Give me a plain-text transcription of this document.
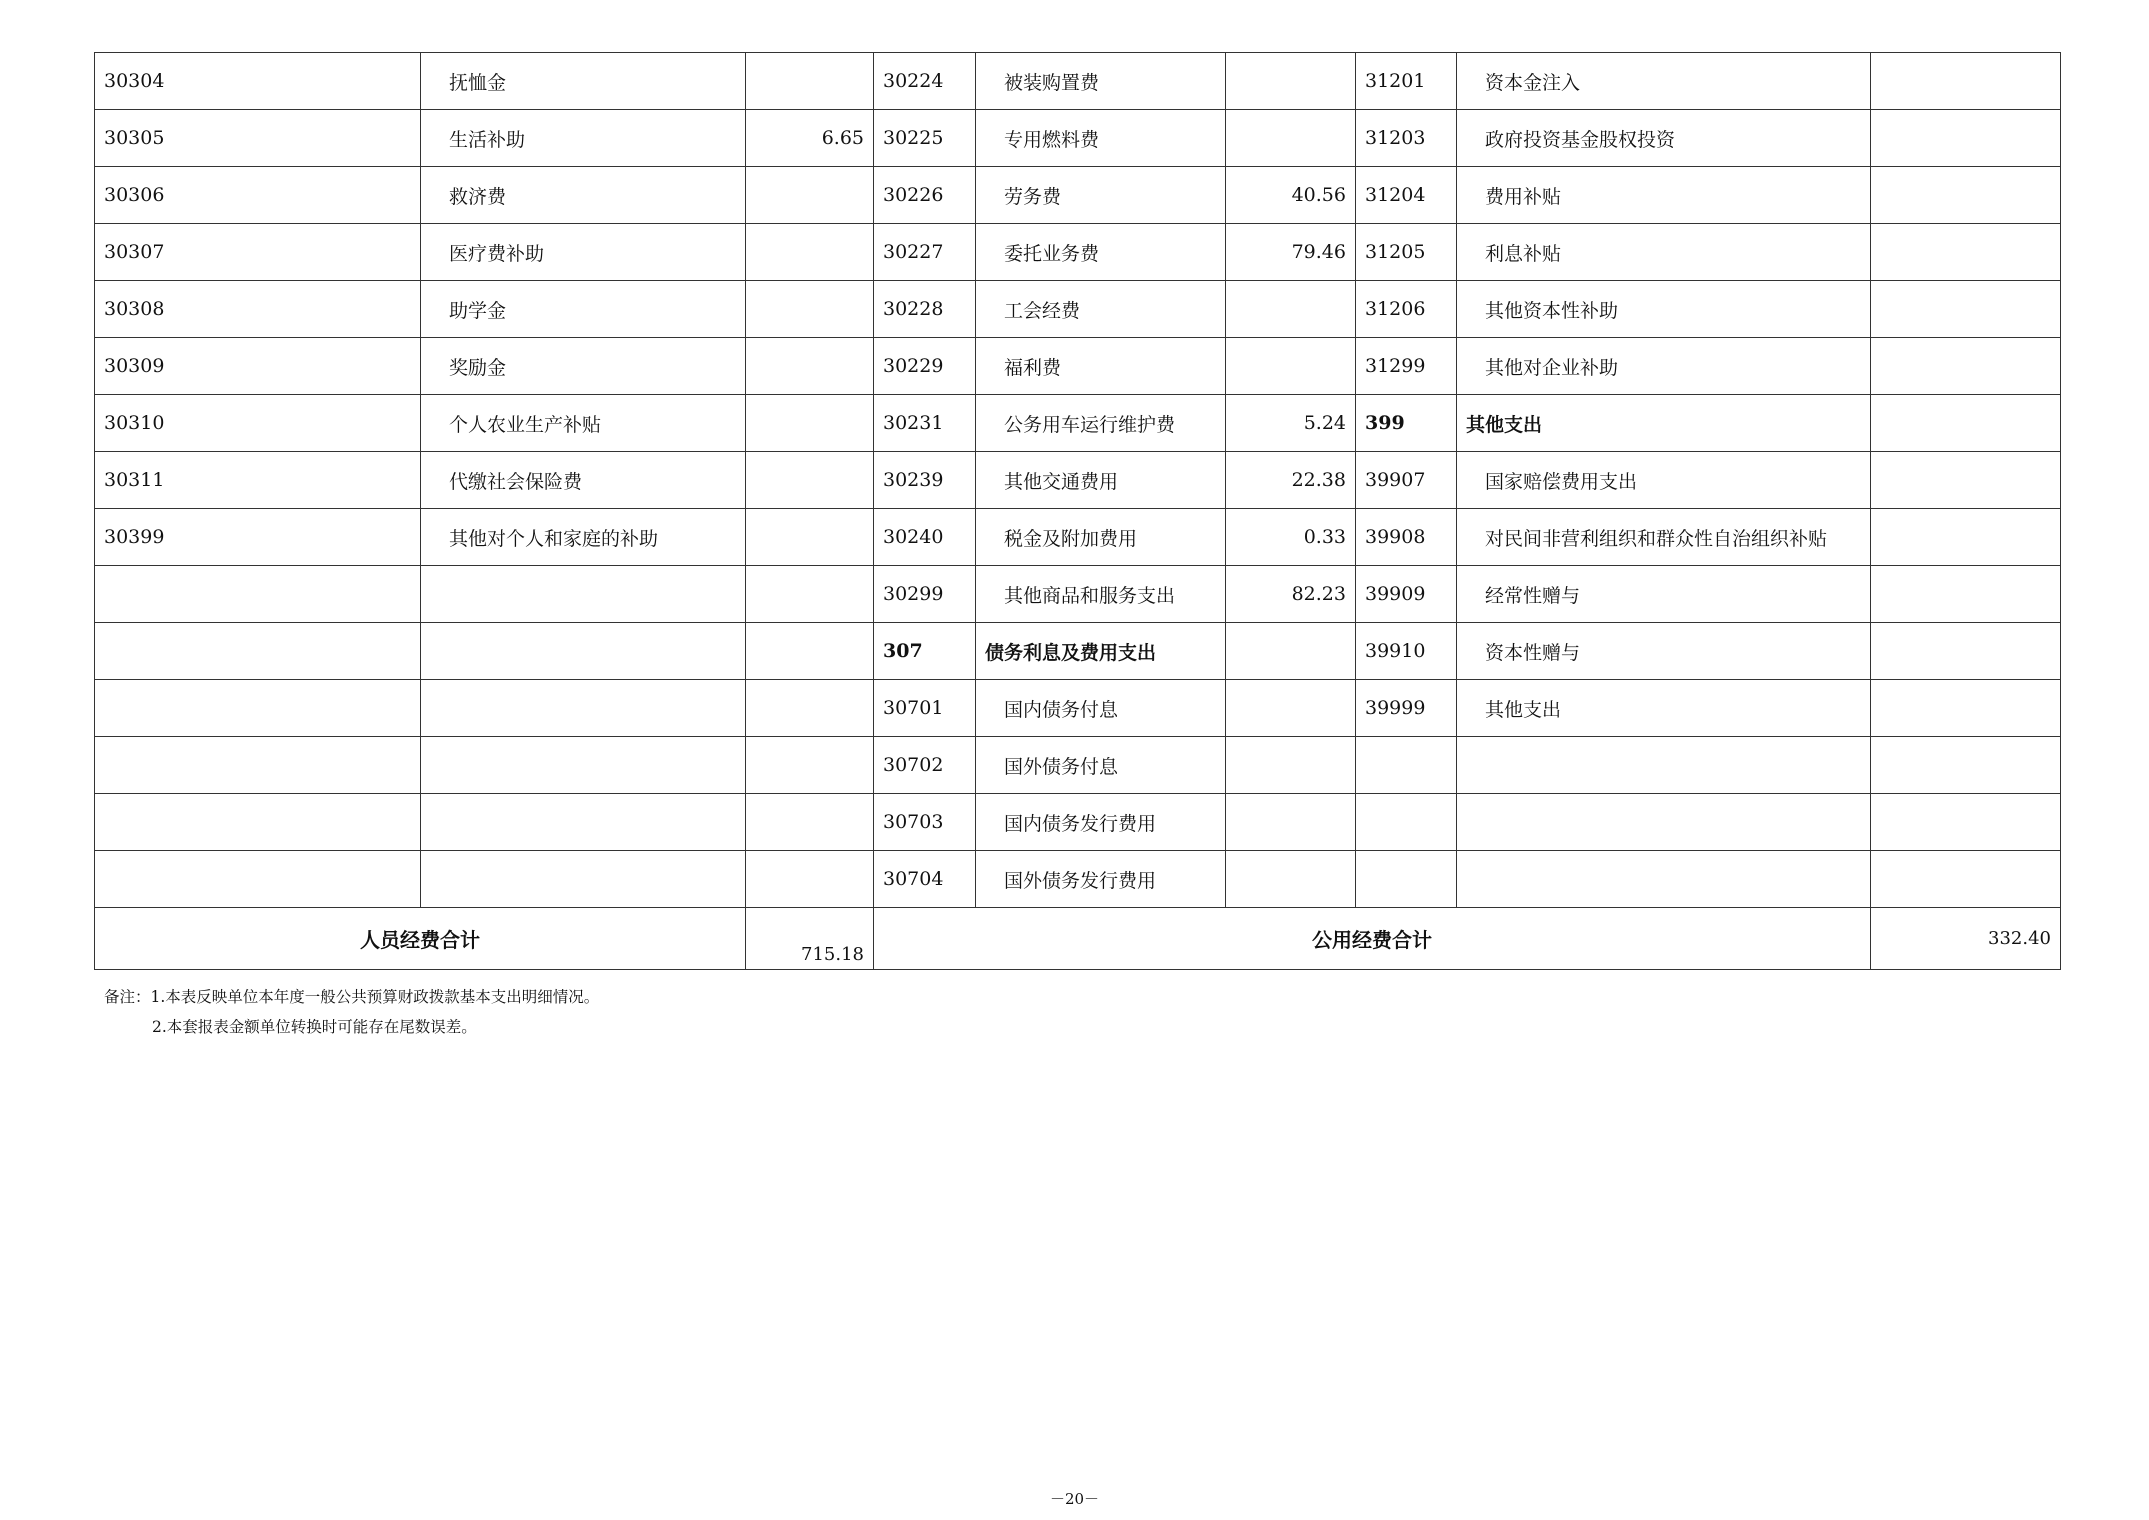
30304	抚恤金		30224	被装购置费		31201	资本金注入	
30305	生活补助	6.65	30225	专用燃料费		31203	政府投资基金股权投资	
30306	救济费		30226	劳务费	40.56	31204	费用补贴	
30307	医疗费补助		30227	委托业务费	79.46	31205	利息补贴	
30308	助学金		30228	工会经费		31206	其他资本性补助	
30309	奖励金		30229	福利费		31299	其他对企业补助	
30310	个人农业生产补贴		30231	公务用车运行维护费	5.24	399	其他支出	
30311	代缴社会保险费		30239	其他交通费用	22.38	39907	国家赔偿费用支出	
30399	其他对个人和家庭的补助		30240	税金及附加费用	0.33	39908	对民间非营利组织和群众性自治组织补贴	
			30299	其他商品和服务支出	82.23	39909	经常性赠与	
			307	债务利息及费用支出		39910	资本性赠与	
			30701	国内债务付息		39999	其他支出	
			30702	国外债务付息				
			30703	国内债务发行费用				
			30704	国外债务发行费用				
人员经费合计		715.18	公用经费合计					332.40
备注：1.本表反映单位本年度一般公共预算财政拨款基本支出明细情况。
2.本套报表金额单位转换时可能存在尾数误差。
－20－
